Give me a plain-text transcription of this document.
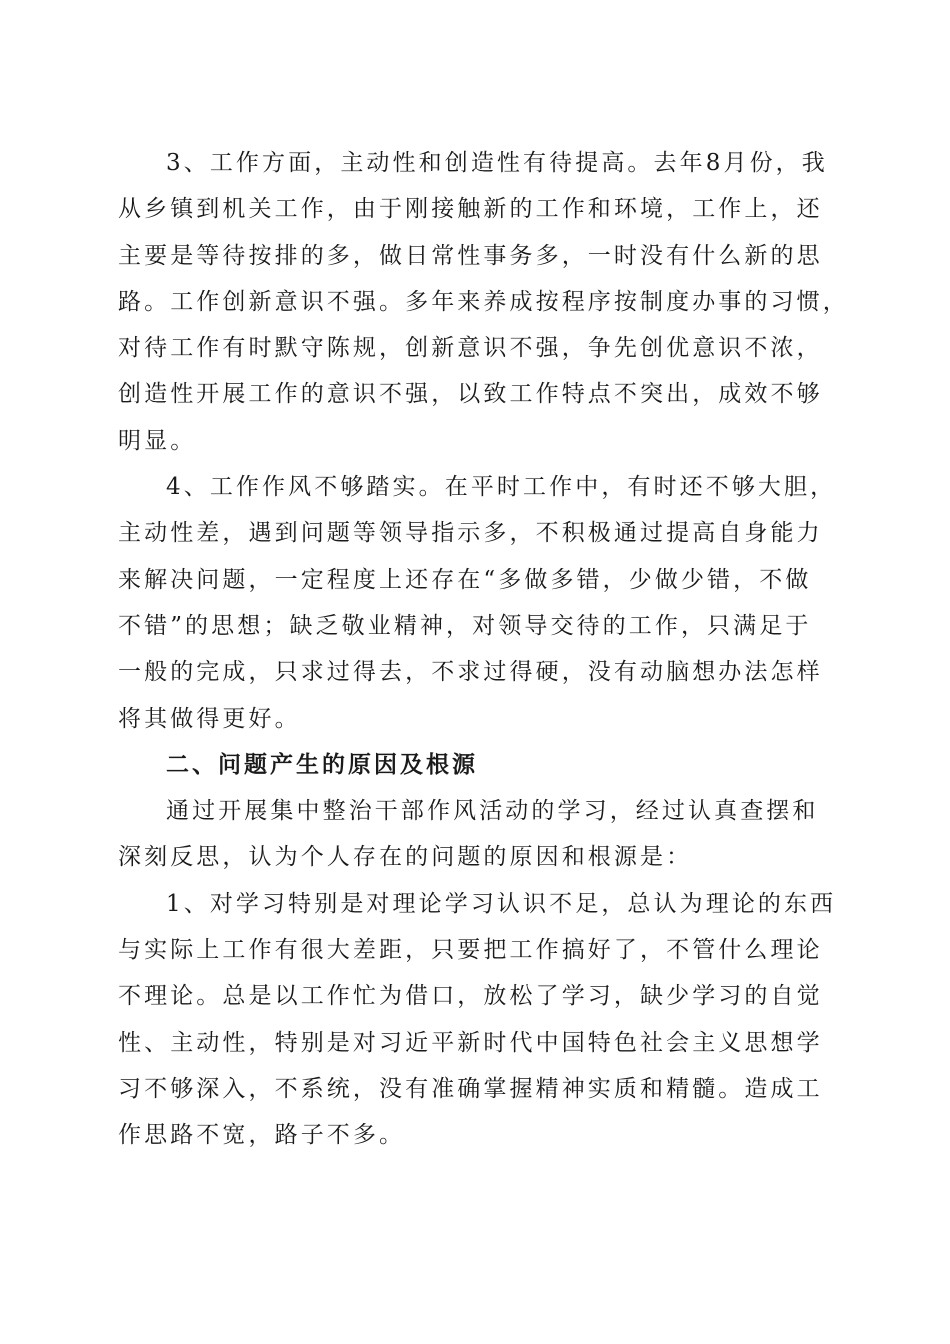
3、工作方面，主动性和创造性有待提高。去年8月份，我
从乡镇到机关工作，由于刚接触新的工作和环境，工作上，还
主要是等待按排的多，做日常性事务多，一时没有什么新的思
路。工作创新意识不强。多年来养成按程序按制度办事的习惯，
对待工作有时默守陈规，创新意识不强，争先创优意识不浓，
创造性开展工作的意识不强，以致工作特点不突出，成效不够
明显。
4、工作作风不够踏实。在平时工作中，有时还不够大胆，
主动性差，遇到问题等领导指示多，不积极通过提高自身能力
来解决问题，一定程度上还存在“多做多错，少做少错，不做
不错”的思想；缺乏敬业精神，对领导交待的工作，只满足于
一般的完成，只求过得去，不求过得硬，没有动脑想办法怎样
将其做得更好。
二、问题产生的原因及根源
通过开展集中整治干部作风活动的学习，经过认真查摆和
深刻反思，认为个人存在的问题的原因和根源是：
1、对学习特别是对理论学习认识不足，总认为理论的东西
与实际上工作有很大差距，只要把工作搞好了，不管什么理论
不理论。总是以工作忙为借口，放松了学习，缺少学习的自觉
性、主动性，特别是对习近平新时代中国特色社会主义思想学
习不够深入，不系统，没有准确掌握精神实质和精髓。造成工
作思路不宽，路子不多。
